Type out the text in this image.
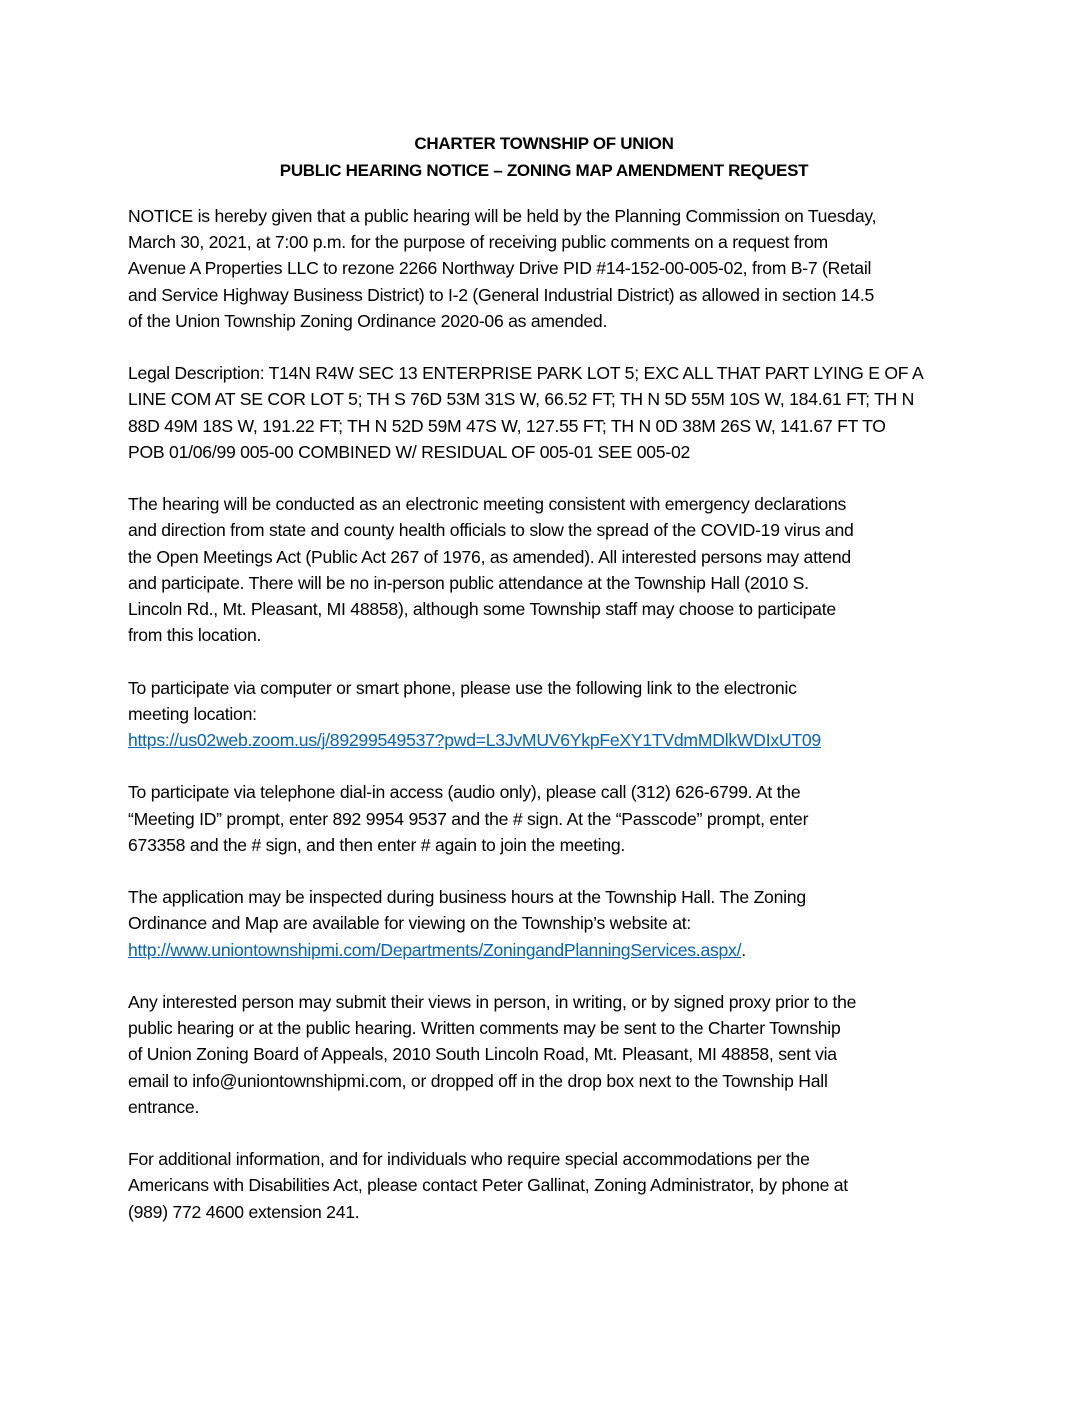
CHARTER TOWNSHIP OF UNION
PUBLIC HEARING NOTICE – ZONING MAP AMENDMENT REQUEST

NOTICE is hereby given that a public hearing will be held by the Planning Commission on Tuesday,
March 30, 2021, at 7:00 p.m. for the purpose of receiving public comments on a request from
Avenue A Properties LLC to rezone 2266 Northway Drive PID #14-152-00-005-02, from B-7 (Retail
and Service Highway Business District) to I-2 (General Industrial District) as allowed in section 14.5
of the Union Township Zoning Ordinance 2020-06 as amended.

Legal Description: T14N R4W SEC 13 ENTERPRISE PARK LOT 5; EXC ALL THAT PART LYING E OF A
LINE COM AT SE COR LOT 5; TH S 76D 53M 31S W, 66.52 FT; TH N 5D 55M 10S W, 184.61 FT; TH N
88D 49M 18S W, 191.22 FT; TH N 52D 59M 47S W, 127.55 FT; TH N 0D 38M 26S W, 141.67 FT TO
POB 01/06/99 005-00 COMBINED W/ RESIDUAL OF 005-01 SEE 005-02

The hearing will be conducted as an electronic meeting consistent with emergency declarations
and direction from state and county health officials to slow the spread of the COVID-19 virus and
the Open Meetings Act (Public Act 267 of 1976, as amended). All interested persons may attend
and participate. There will be no in-person public attendance at the Township Hall (2010 S.
Lincoln Rd., Mt. Pleasant, MI 48858), although some Township staff may choose to participate
from this location.

To participate via computer or smart phone, please use the following link to the electronic
meeting location:
https://us02web.zoom.us/j/89299549537?pwd=L3JvMUV6YkpFeXY1TVdmMDlkWDIxUT09

To participate via telephone dial-in access (audio only), please call (312) 626-6799. At the
“Meeting ID” prompt, enter 892 9954 9537 and the # sign. At the “Passcode” prompt, enter
673358 and the # sign, and then enter # again to join the meeting.

The application may be inspected during business hours at the Township Hall. The Zoning
Ordinance and Map are available for viewing on the Township’s website at:
http://www.uniontownshipmi.com/Departments/ZoningandPlanningServices.aspx/.

Any interested person may submit their views in person, in writing, or by signed proxy prior to the
public hearing or at the public hearing. Written comments may be sent to the Charter Township
of Union Zoning Board of Appeals, 2010 South Lincoln Road, Mt. Pleasant, MI 48858, sent via
email to info@uniontownshipmi.com, or dropped off in the drop box next to the Township Hall
entrance.

For additional information, and for individuals who require special accommodations per the
Americans with Disabilities Act, please contact Peter Gallinat, Zoning Administrator, by phone at
(989) 772 4600 extension 241.
